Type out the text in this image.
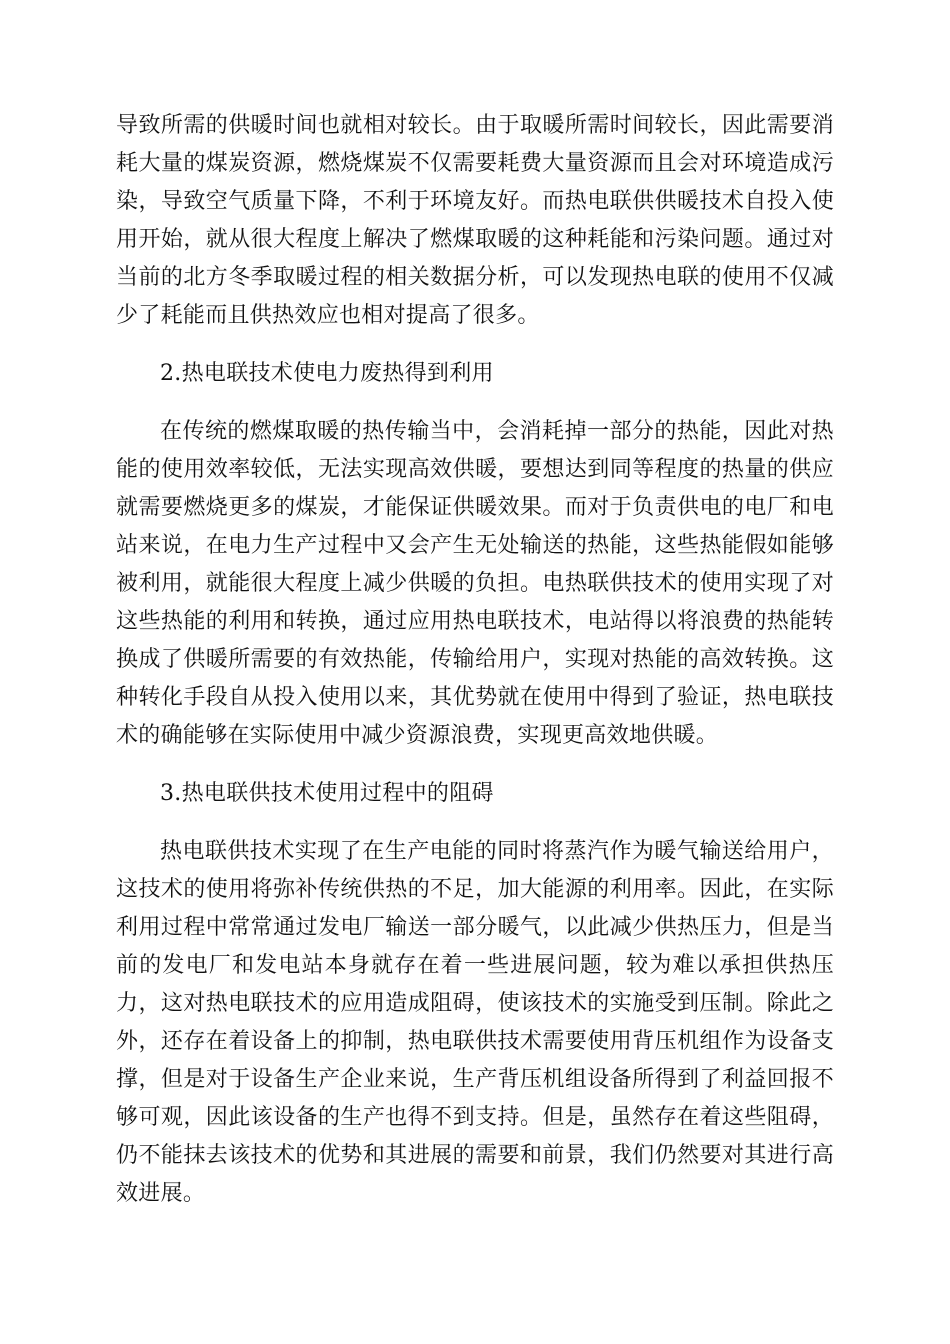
导致所需的供暖时间也就相对较长。由于取暖所需时间较长，因此需要消耗大量的煤炭资源，燃烧煤炭不仅需要耗费大量资源而且会对环境造成污染，导致空气质量下降，不利于环境友好。而热电联供供暖技术自投入使用开始，就从很大程度上解决了燃煤取暖的这种耗能和污染问题。通过对当前的北方冬季取暖过程的相关数据分析，可以发现热电联的使用不仅减少了耗能而且供热效应也相对提高了很多。

2.热电联技术使电力废热得到利用

在传统的燃煤取暖的热传输当中，会消耗掉一部分的热能，因此对热能的使用效率较低，无法实现高效供暖，要想达到同等程度的热量的供应就需要燃烧更多的煤炭，才能保证供暖效果。而对于负责供电的电厂和电站来说，在电力生产过程中又会产生无处输送的热能，这些热能假如能够被利用，就能很大程度上减少供暖的负担。电热联供技术的使用实现了对这些热能的利用和转换，通过应用热电联技术，电站得以将浪费的热能转换成了供暖所需要的有效热能，传输给用户，实现对热能的高效转换。这种转化手段自从投入使用以来，其优势就在使用中得到了验证，热电联技术的确能够在实际使用中减少资源浪费，实现更高效地供暖。

3.热电联供技术使用过程中的阻碍

热电联供技术实现了在生产电能的同时将蒸汽作为暖气输送给用户，这技术的使用将弥补传统供热的不足，加大能源的利用率。因此，在实际利用过程中常常通过发电厂输送一部分暖气，以此减少供热压力，但是当前的发电厂和发电站本身就存在着一些进展问题，较为难以承担供热压力，这对热电联技术的应用造成阻碍，使该技术的实施受到压制。除此之外，还存在着设备上的抑制，热电联供技术需要使用背压机组作为设备支撑，但是对于设备生产企业来说，生产背压机组设备所得到了利益回报不够可观，因此该设备的生产也得不到支持。但是，虽然存在着这些阻碍，仍不能抹去该技术的优势和其进展的需要和前景，我们仍然要对其进行高效进展。
